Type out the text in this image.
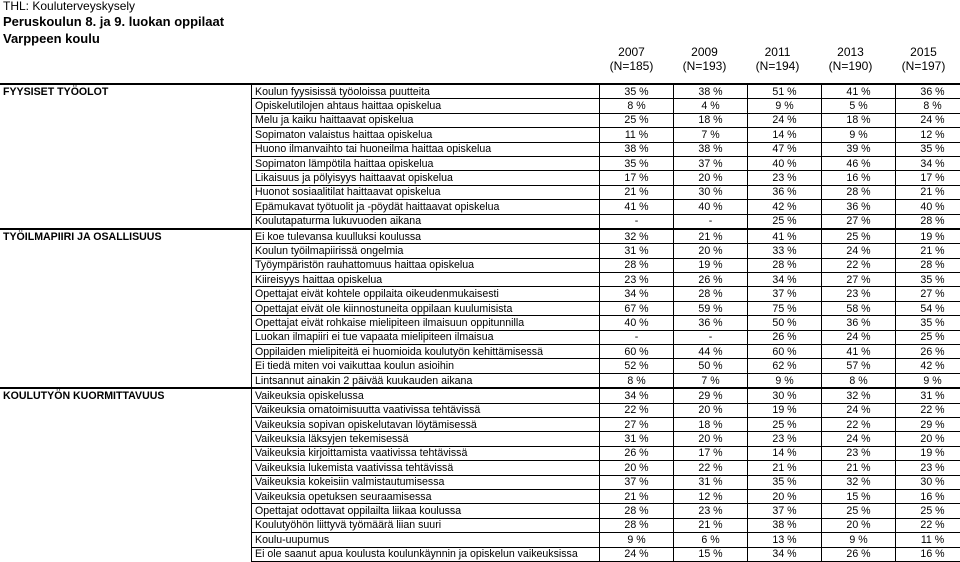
THL: Kouluterveyskysely
Peruskoulun 8. ja 9. luokan oppilaat
Varppeen koulu
2007
(N=185)
2009
(N=193)
2011
(N=194)
2013
(N=190)
2015
(N=197)
FYYSISET TYÖOLOT	Koulun fyysisissä työoloissa puutteita	35 %	38 %	51 %	41 %	36 %
	Opiskelutilojen ahtaus haittaa opiskelua	8 %	4 %	9 %	5 %	8 %
	Melu ja kaiku haittaavat opiskelua	25 %	18 %	24 %	18 %	24 %
	Sopimaton valaistus haittaa opiskelua	11 %	7 %	14 %	9 %	12 %
	Huono ilmanvaihto tai huoneilma haittaa opiskelua	38 %	38 %	47 %	39 %	35 %
	Sopimaton lämpötila haittaa opiskelua	35 %	37 %	40 %	46 %	34 %
	Likaisuus ja pölyisyys haittaavat opiskelua	17 %	20 %	23 %	16 %	17 %
	Huonot sosiaalitilat haittaavat opiskelua	21 %	30 %	36 %	28 %	21 %
	Epämukavat työtuolit ja -pöydät haittaavat opiskelua	41 %	40 %	42 %	36 %	40 %
	Koulutapaturma lukuvuoden aikana	-	-	25 %	27 %	28 %
TYÖILMAPIIRI JA OSALLISUUS	Ei koe tulevansa kuulluksi koulussa	32 %	21 %	41 %	25 %	19 %
	Koulun työilmapiirissä ongelmia	31 %	20 %	33 %	24 %	21 %
	Työympäristön rauhattomuus haittaa opiskelua	28 %	19 %	28 %	22 %	28 %
	Kiireisyys haittaa opiskelua	23 %	26 %	34 %	27 %	35 %
	Opettajat eivät kohtele oppilaita oikeudenmukaisesti	34 %	28 %	37 %	23 %	27 %
	Opettajat eivät ole kiinnostuneita oppilaan kuulumisista	67 %	59 %	75 %	58 %	54 %
	Opettajat eivät rohkaise mielipiteen ilmaisuun oppitunnilla	40 %	36 %	50 %	36 %	35 %
	Luokan ilmapiiri ei tue vapaata mielipiteen ilmaisua	-	-	26 %	24 %	25 %
	Oppilaiden mielipiteitä ei huomioida koulutyön kehittämisessä	60 %	44 %	60 %	41 %	26 %
	Ei tiedä miten voi vaikuttaa koulun asioihin	52 %	50 %	62 %	57 %	42 %
	Lintsannut ainakin 2 päivää kuukauden aikana	8 %	7 %	9 %	8 %	9 %
KOULUTYÖN KUORMITTAVUUS	Vaikeuksia opiskelussa	34 %	29 %	30 %	32 %	31 %
	Vaikeuksia omatoimisuutta vaativissa tehtävissä	22 %	20 %	19 %	24 %	22 %
	Vaikeuksia sopivan opiskelutavan löytämisessä	27 %	18 %	25 %	22 %	29 %
	Vaikeuksia läksyjen tekemisessä	31 %	20 %	23 %	24 %	20 %
	Vaikeuksia kirjoittamista vaativissa tehtävissä	26 %	17 %	14 %	23 %	19 %
	Vaikeuksia lukemista vaativissa tehtävissä	20 %	22 %	21 %	21 %	23 %
	Vaikeuksia kokeisiin valmistautumisessa	37 %	31 %	35 %	32 %	30 %
	Vaikeuksia opetuksen seuraamisessa	21 %	12 %	20 %	15 %	16 %
	Opettajat odottavat oppilailta liikaa koulussa	28 %	23 %	37 %	25 %	25 %
	Koulutyöhön liittyvä työmäärä liian suuri	28 %	21 %	38 %	20 %	22 %
	Koulu-uupumus	9 %	6 %	13 %	9 %	11 %
	Ei ole saanut apua koulusta koulunkäynnin ja opiskelun vaikeuksissa	24 %	15 %	34 %	26 %	16 %
